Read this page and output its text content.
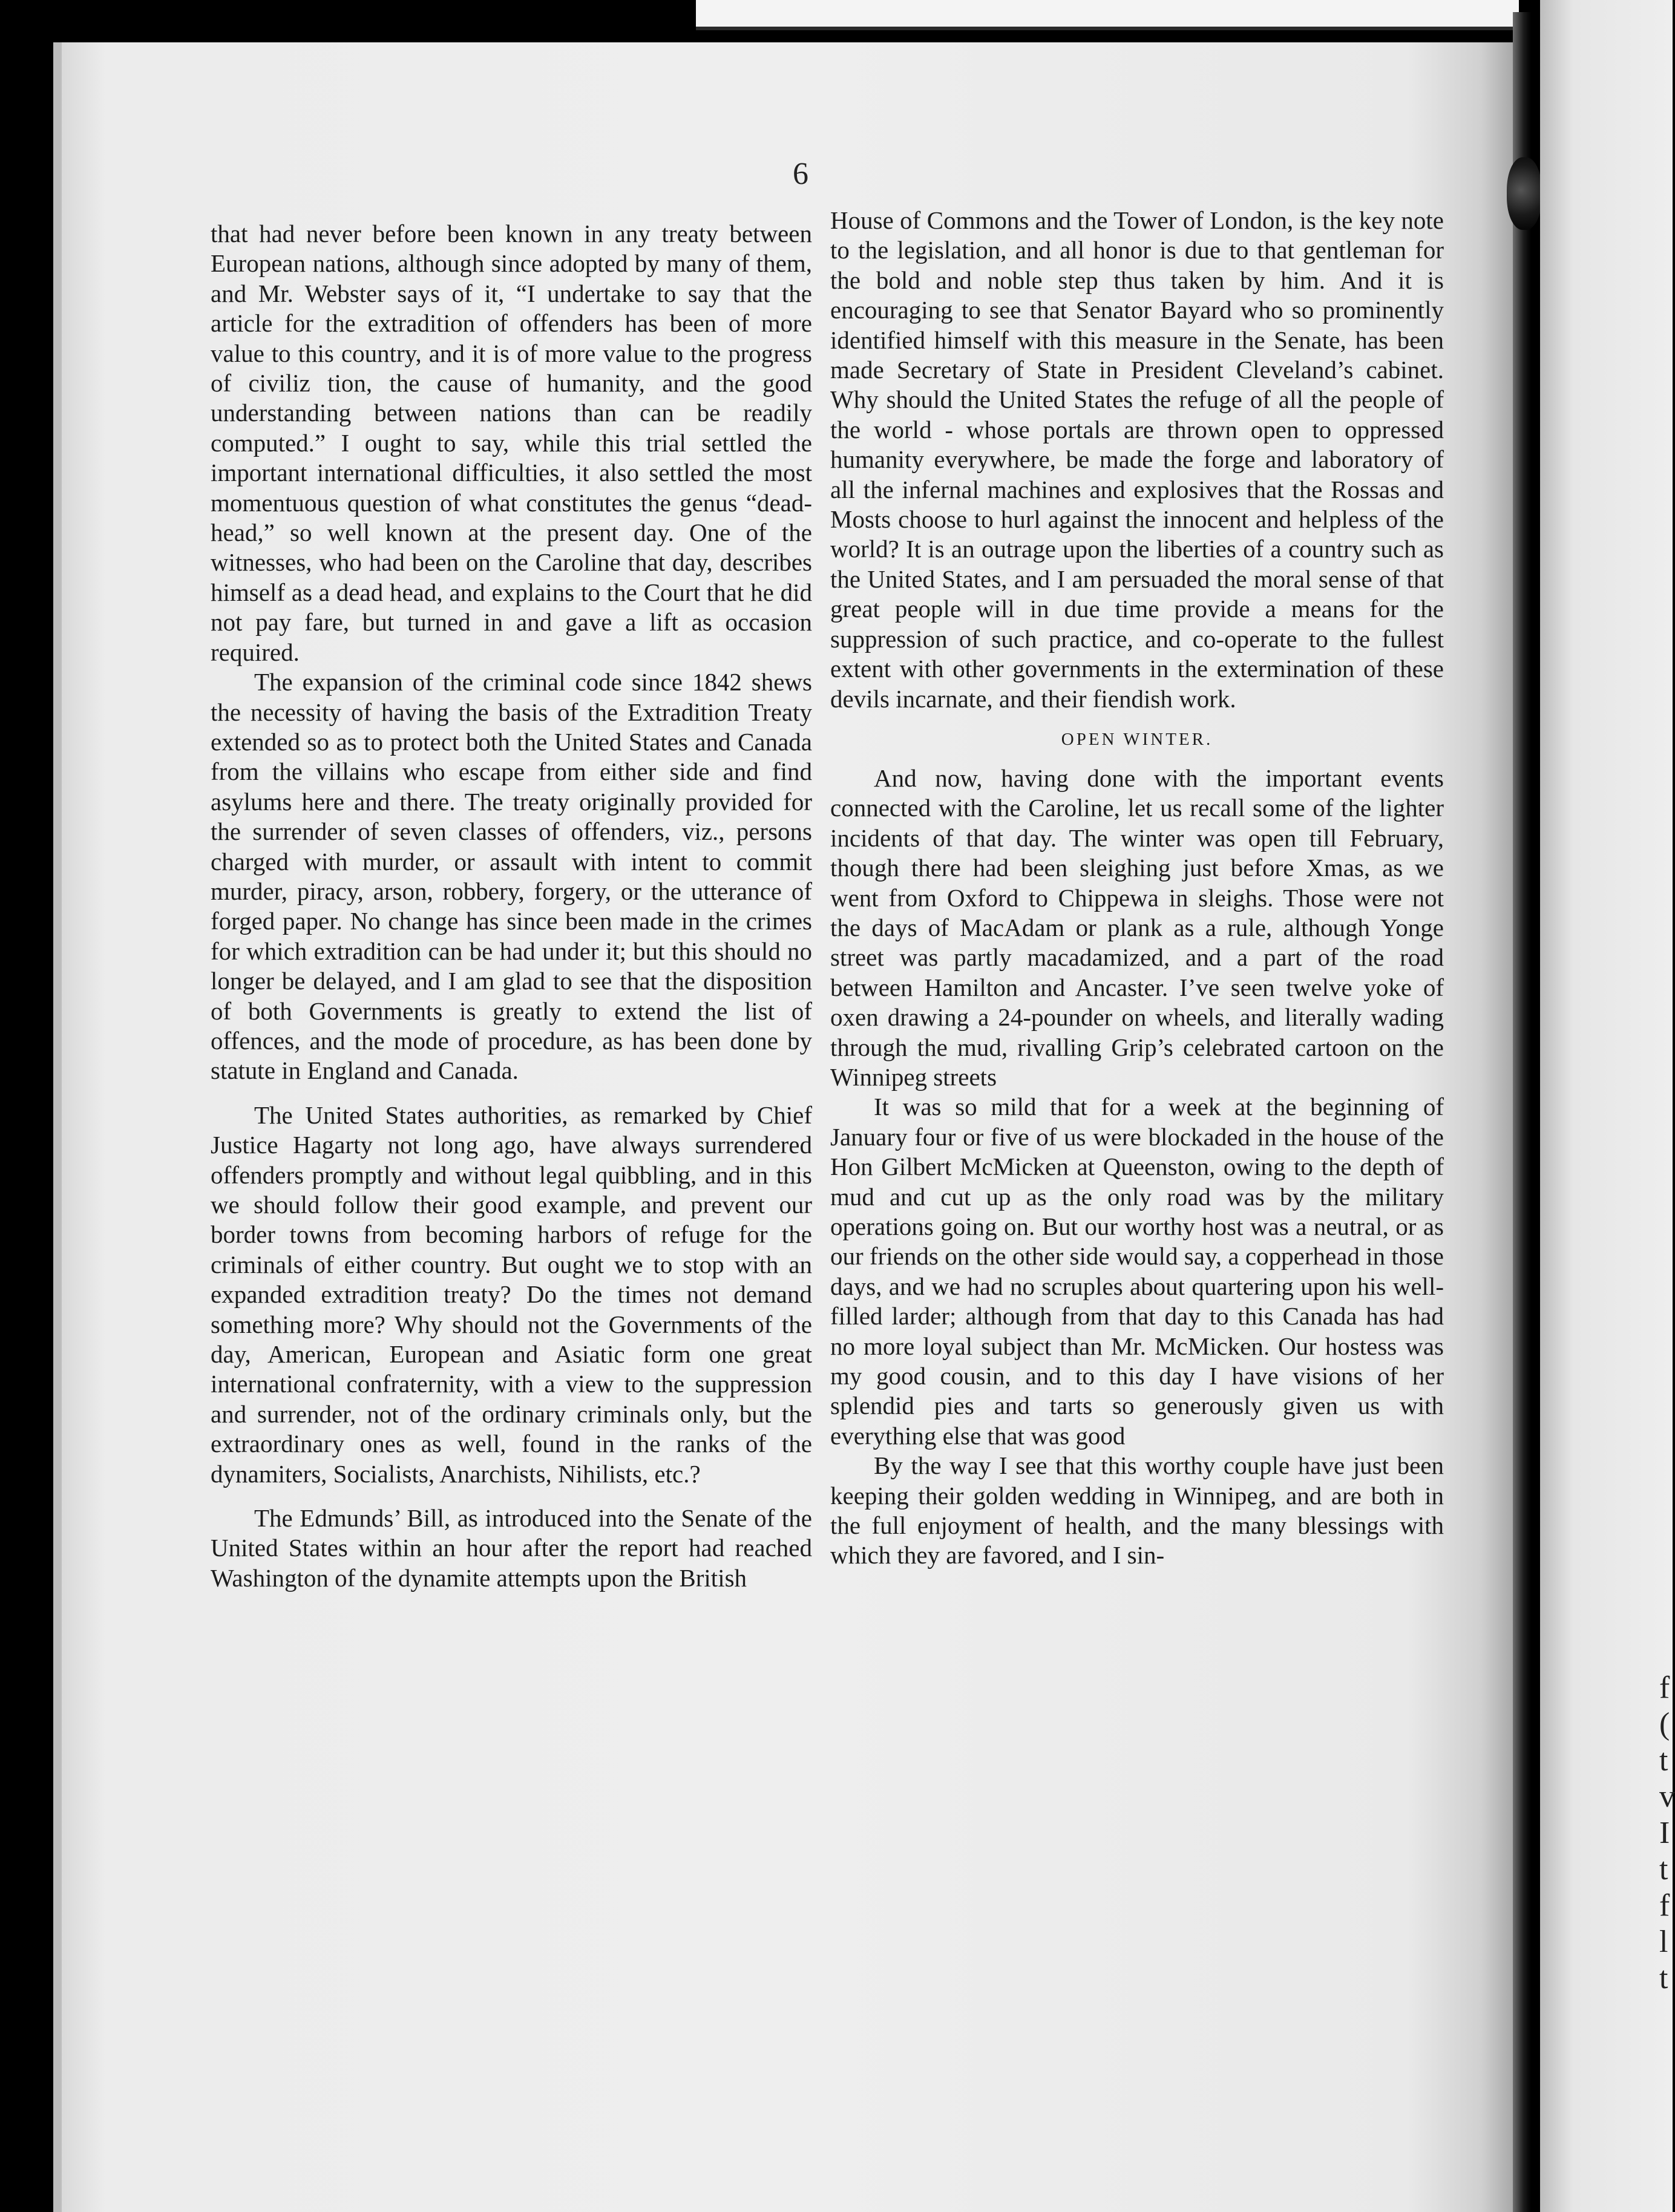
f
(
t
v
I
t
f
l
t
6

that had never before been known in any treaty between European nations, although since adopted by many of them, and Mr. Webster says of it, “I undertake to say that the article for the extradition of offenders has been of more value to this country, and it is of more value to the progress of civiliz tion, the cause of humanity, and the good understanding between nations than can be readily computed.” I ought to say, while this trial settled the important international difficulties, it also settled the most momentuous question of what constitutes the genus “dead-head,” so well known at the present day. One of the witnesses, who had been on the Caroline that day, describes himself as a dead head, and explains to the Court that he did not pay fare, but turned in and gave a lift as occasion required.

The expansion of the criminal code since 1842 shews the necessity of having the basis of the Extradition Treaty extended so as to protect both the United States and Canada from the villains who escape from either side and find asylums here and there. The treaty originally provided for the surrender of seven classes of offenders, viz., persons charged with murder, or assault with intent to commit murder, piracy, arson, robbery, forgery, or the utterance of forged paper. No change has since been made in the crimes for which extradition can be had under it; but this should no longer be delayed, and I am glad to see that the disposition of both Governments is greatly to extend the list of offences, and the mode of procedure, as has been done by statute in England and Canada.

The United States authorities, as remarked by Chief Justice Hagarty not long ago, have always surrendered offenders promptly and without legal quibbling, and in this we should follow their good example, and prevent our border towns from becoming harbors of refuge for the criminals of either country. But ought we to stop with an expanded extradition treaty? Do the times not demand something more? Why should not the Governments of the day, American, European and Asiatic form one great international confraternity, with a view to the suppression and surrender, not of the ordinary criminals only, but the extraordinary ones as well, found in the ranks of the dynamiters, Socialists, Anarchists, Nihilists, etc.?

The Edmunds’ Bill, as introduced into the Senate of the United States within an hour after the report had reached Washington of the dynamite attempts upon the British

House of Commons and the Tower of London, is the key note to the legislation, and all honor is due to that gentleman for the bold and noble step thus taken by him. And it is encouraging to see that Senator Bayard who so prominently identified himself with this measure in the Senate, has been made Secretary of State in President Cleveland’s cabinet. Why should the United States the refuge of all the people of the world - whose portals are thrown open to oppressed humanity everywhere, be made the forge and laboratory of all the infernal machines and explosives that the Rossas and Mosts choose to hurl against the innocent and helpless of the world? It is an outrage upon the liberties of a country such as the United States, and I am persuaded the moral sense of that great people will in due time provide a means for the suppression of such practice, and co-operate to the fullest extent with other governments in the extermination of these devils incarnate, and their fiendish work.

OPEN WINTER.

And now, having done with the important events connected with the Caroline, let us recall some of the lighter incidents of that day. The winter was open till February, though there had been sleighing just before Xmas, as we went from Oxford to Chippewa in sleighs. Those were not the days of MacAdam or plank as a rule, although Yonge street was partly macadamized, and a part of the road between Hamilton and Ancaster. I’ve seen twelve yoke of oxen drawing a 24-pounder on wheels, and literally wading through the mud, rivalling Grip’s celebrated cartoon on the Winnipeg streets

It was so mild that for a week at the beginning of January four or five of us were blockaded in the house of the Hon Gilbert McMicken at Queenston, owing to the depth of mud and cut up as the only road was by the military operations going on. But our worthy host was a neutral, or as our friends on the other side would say, a copperhead in those days, and we had no scruples about quartering upon his well-filled larder; although from that day to this Canada has had no more loyal subject than Mr. McMicken. Our hostess was my good cousin, and to this day I have visions of her splendid pies and tarts so generously given us with everything else that was good

By the way I see that this worthy couple have just been keeping their golden wedding in Winnipeg, and are both in the full enjoyment of health, and the many blessings with which they are favored, and I sin-
